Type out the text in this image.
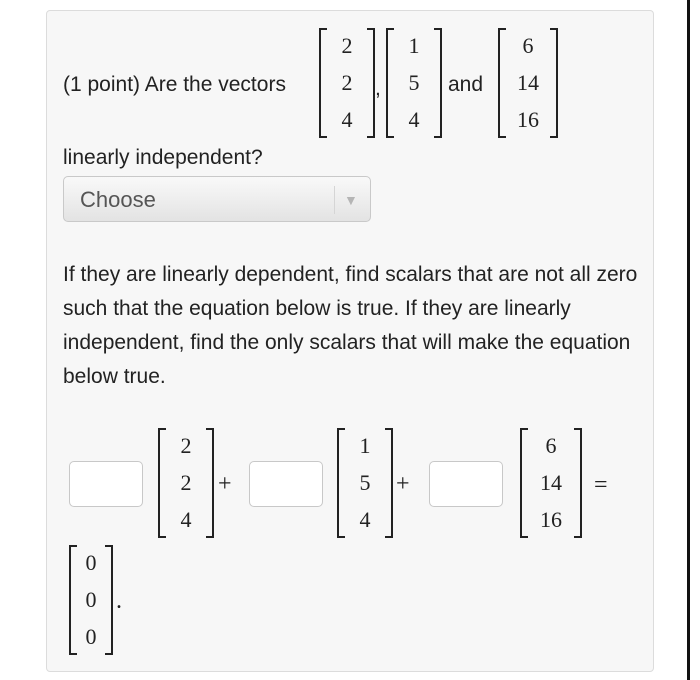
(1 point) Are the vectors
2
2
4
,
1
5
4
and
6
14
16
linearly independent?
Choose	▼
If they are linearly dependent, find scalars that are not all zero such that the equation below is true. If they are linearly independent, find the only scalars that will make the equation below true.
2
2
4
+
1
5
4
+
6
14
16
=
0
0
0
.
